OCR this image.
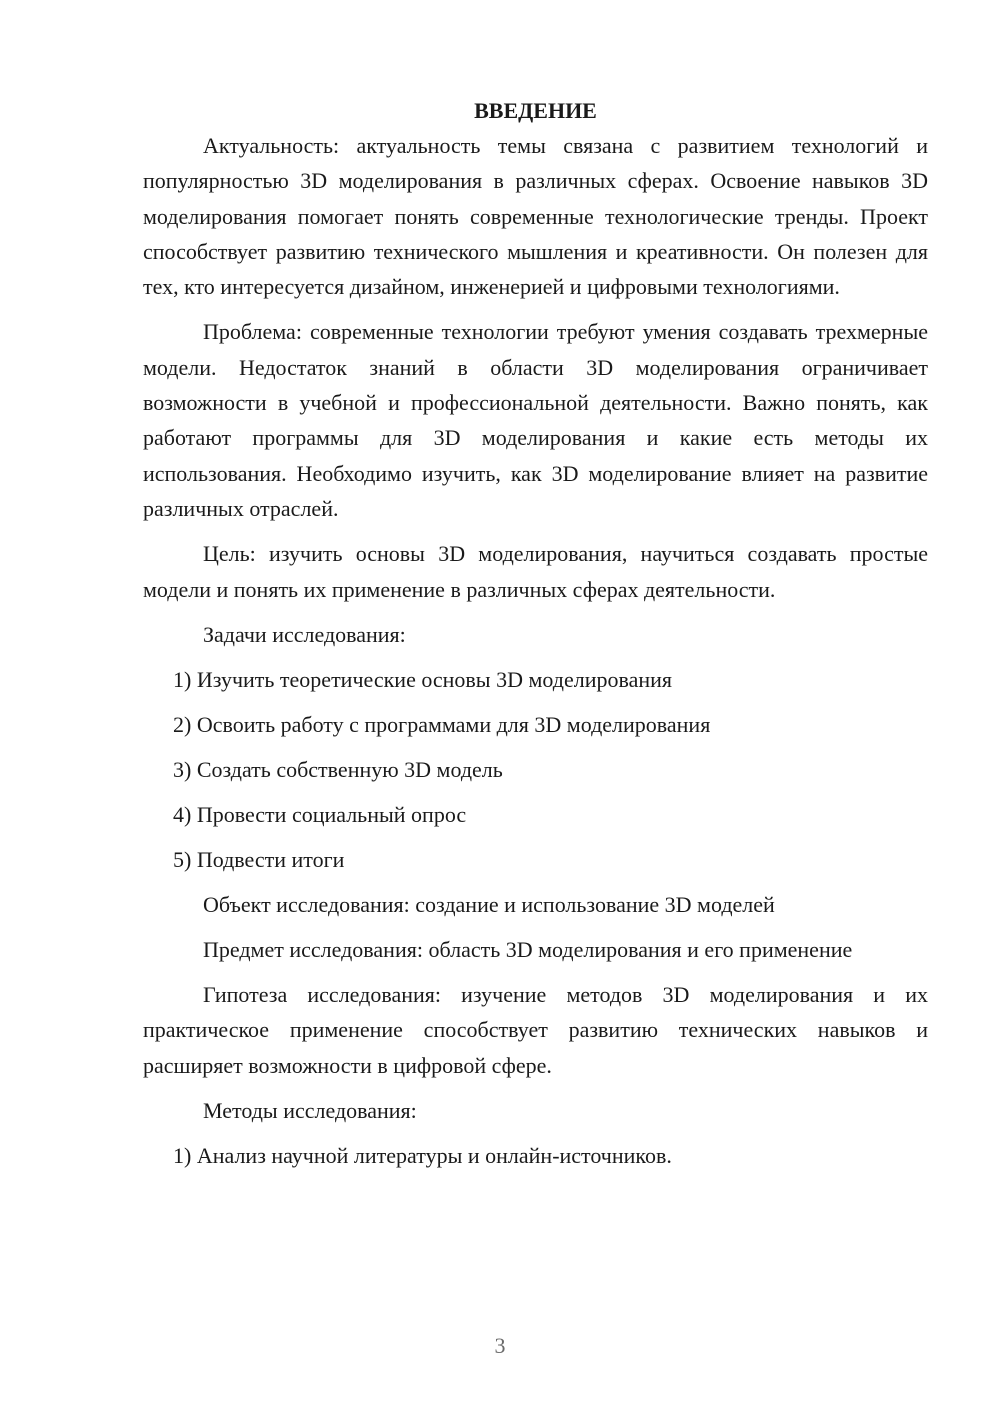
ВВЕДЕНИЕ

Актуальность: актуальность темы связана с развитием технологий и популярностью 3D моделирования в различных сферах. Освоение навыков 3D моделирования помогает понять современные технологические тренды. Проект способствует развитию технического мышления и креативности. Он полезен для тех, кто интересуется дизайном, инженерией и цифровыми технологиями.

Проблема: современные технологии требуют умения создавать трехмерные модели. Недостаток знаний в области 3D моделирования ограничивает возможности в учебной и профессиональной деятельности. Важно понять, как работают программы для 3D моделирования и какие есть методы их использования. Необходимо изучить, как 3D моделирование влияет на развитие различных отраслей.

Цель: изучить основы 3D моделирования, научиться создавать простые модели и понять их применение в различных сферах деятельности.

Задачи исследования:
1) Изучить теоретические основы 3D моделирования
2) Освоить работу с программами для 3D моделирования
3) Создать собственную 3D модель
4) Провести социальный опрос
5) Подвести итоги
Объект исследования: создание и использование 3D моделей

Предмет исследования: область 3D моделирования и его применение

Гипотеза исследования: изучение методов 3D моделирования и их практическое применение способствует развитию технических навыков и расширяет возможности в цифровой сфере.

Методы исследования:
1) Анализ научной литературы и онлайн-источников.
3
